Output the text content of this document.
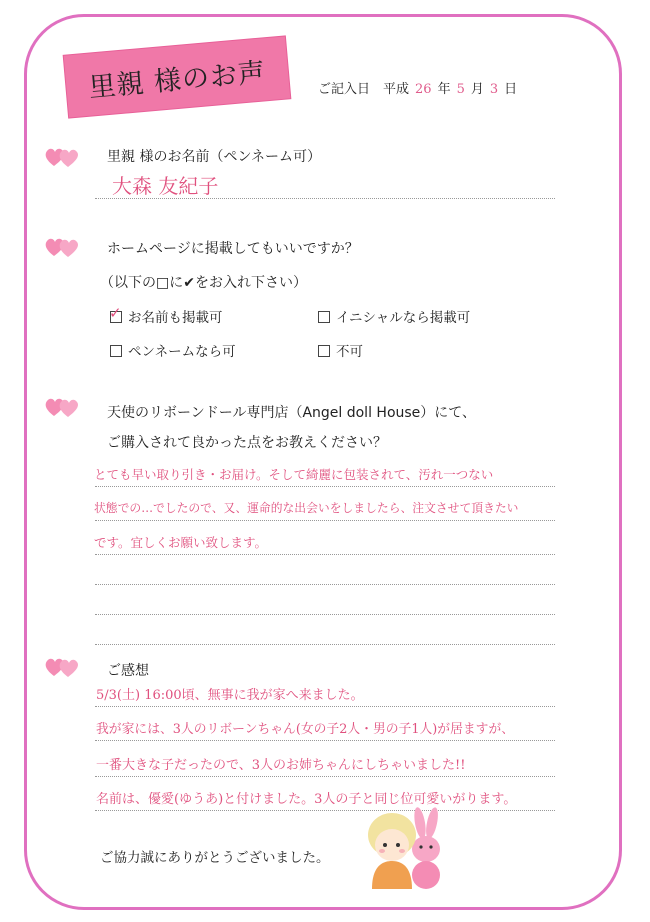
里親 様のお声	ご記入日　平成 26 年 5 月 3 日
里親 様のお名前（ペンネーム可）
大森 友紀子
ホームページに掲載してもいいですか？
（以下の□に✔をお入れ下さい）
✓ お名前も掲載可	イニシャルなら掲載可
ペンネームなら可	不可
天使のリボーンドール専門店（Angel doll House）にて、
ご購入されて良かった点をお教えください？
とても早い取り引き・お届け。そして綺麗に包装されて、汚れ一つない
状態での…でしたので、又、運命的な出会いをしましたら、注文させて頂きたい
です。宜しくお願い致します。
ご感想
5/3(土) 16:00頃、無事に我が家へ来ました。
我が家には、3人のリボーンちゃん(女の子2人・男の子1人)が居ますが、
一番大きな子だったので、3人のお姉ちゃんにしちゃいました!!
名前は、優愛(ゆうあ)と付けました。3人の子と同じ位可愛いがります。
ご協力誠にありがとうございました。
